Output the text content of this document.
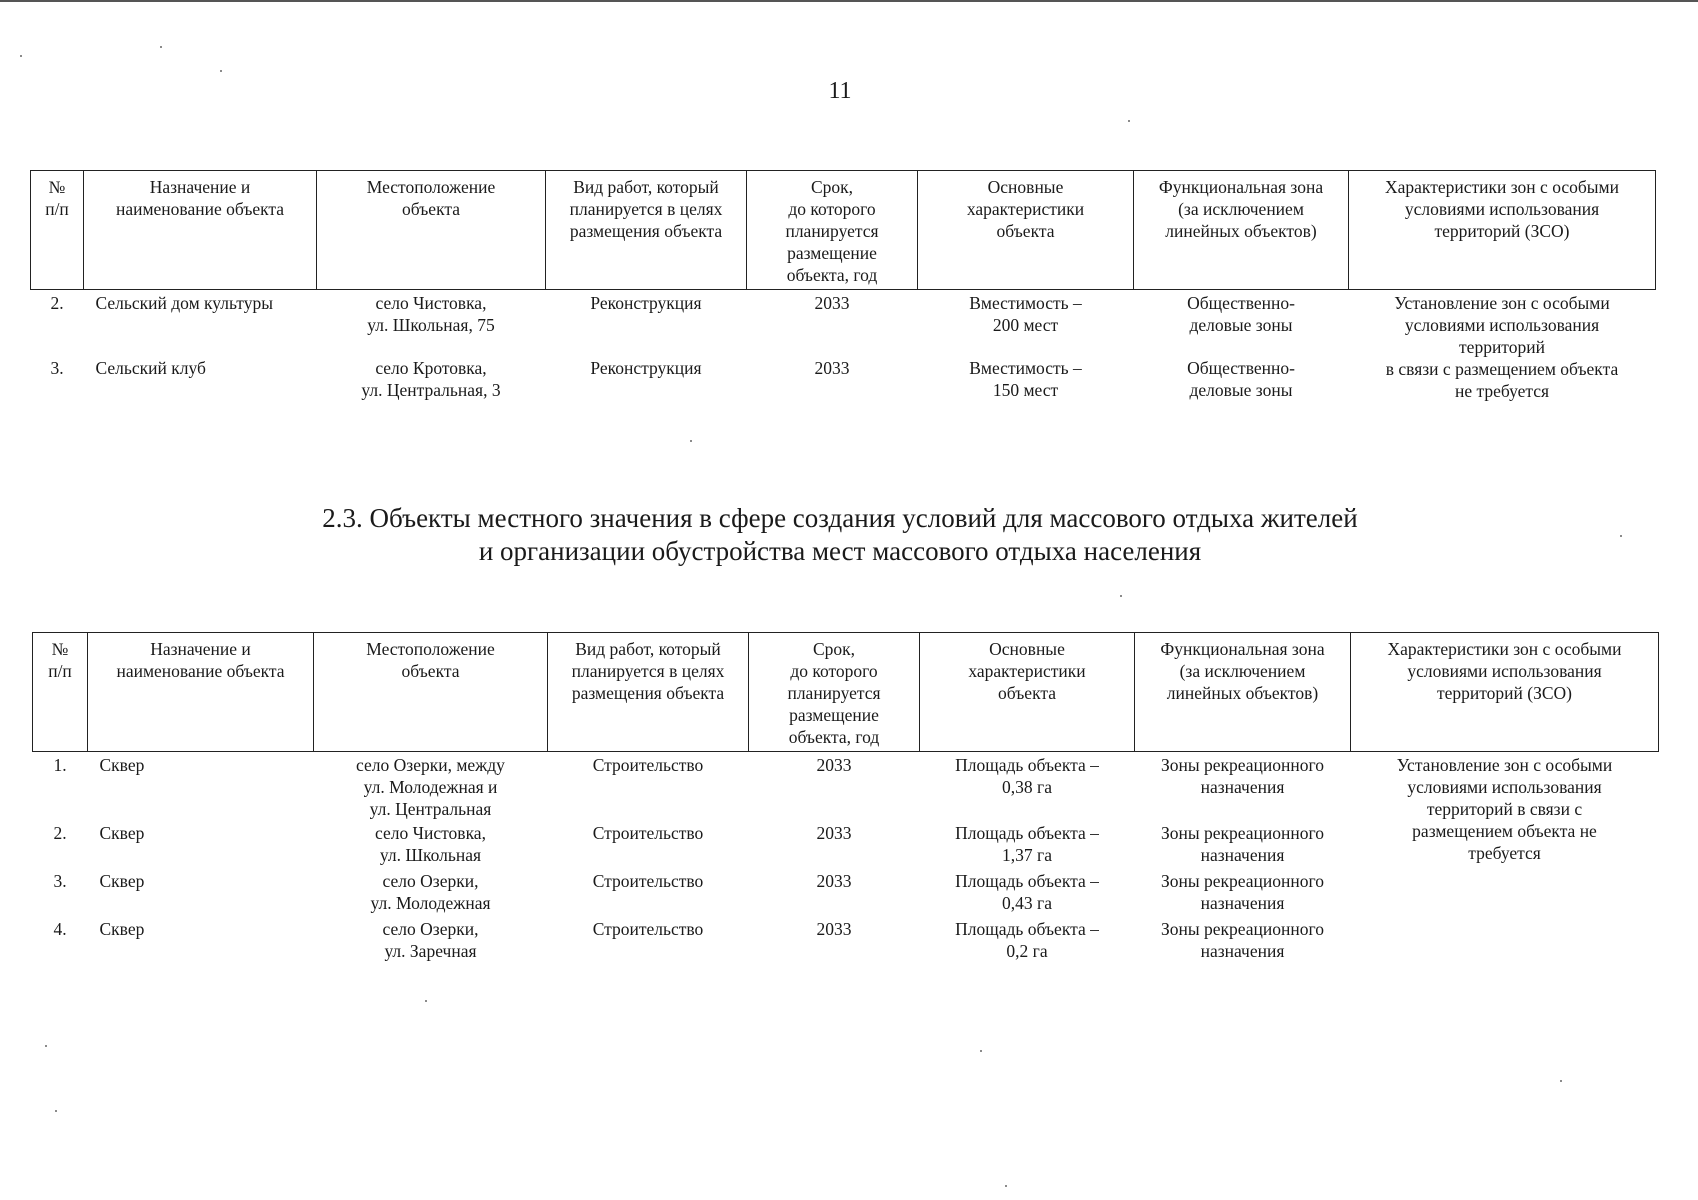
11
№
п/п	Назначение и
наименование объекта	Местоположение
объекта	Вид работ, который
планируется в целях
размещения объекта	Срок,
до которого
планируется
размещение
объекта, год	Основные
характеристики
объекта	Функциональная зона
(за исключением
линейных объектов)	Характеристики зон с особыми
условиями использования
территорий (ЗСО)
2.	Сельский дом культуры	село Чистовка,
ул. Школьная, 75	Реконструкция	2033	Вместимость –
200 мест	Общественно-
деловые зоны	Установление зон с особыми
условиями использования
территорий
в связи с размещением объекта
не требуется
3.	Сельский клуб	село Кротовка,
ул. Центральная, 3	Реконструкция	2033	Вместимость –
150 мест	Общественно-
деловые зоны	
2.3. Объекты местного значения в сфере создания условий для массового отдыха жителей
и организации обустройства мест массового отдыха населения
№
п/п	Назначение и
наименование объекта	Местоположение
объекта	Вид работ, который
планируется в целях
размещения объекта	Срок,
до которого
планируется
размещение
объекта, год	Основные
характеристики
объекта	Функциональная зона
(за исключением
линейных объектов)	Характеристики зон с особыми
условиями использования
территорий (ЗСО)
1.	Сквер	село Озерки, между
ул. Молодежная и
ул. Центральная	Строительство	2033	Площадь объекта –
0,38 га	Зоны рекреационного
назначения	Установление зон с особыми
условиями использования
территорий в связи с
размещением объекта не
требуется
2.	Сквер	село Чистовка,
ул. Школьная	Строительство	2033	Площадь объекта –
1,37 га	Зоны рекреационного
назначения	
3.	Сквер	село Озерки,
ул. Молодежная	Строительство	2033	Площадь объекта –
0,43 га	Зоны рекреационного
назначения	
4.	Сквер	село Озерки,
ул. Заречная	Строительство	2033	Площадь объекта –
0,2 га	Зоны рекреационного
назначения	
